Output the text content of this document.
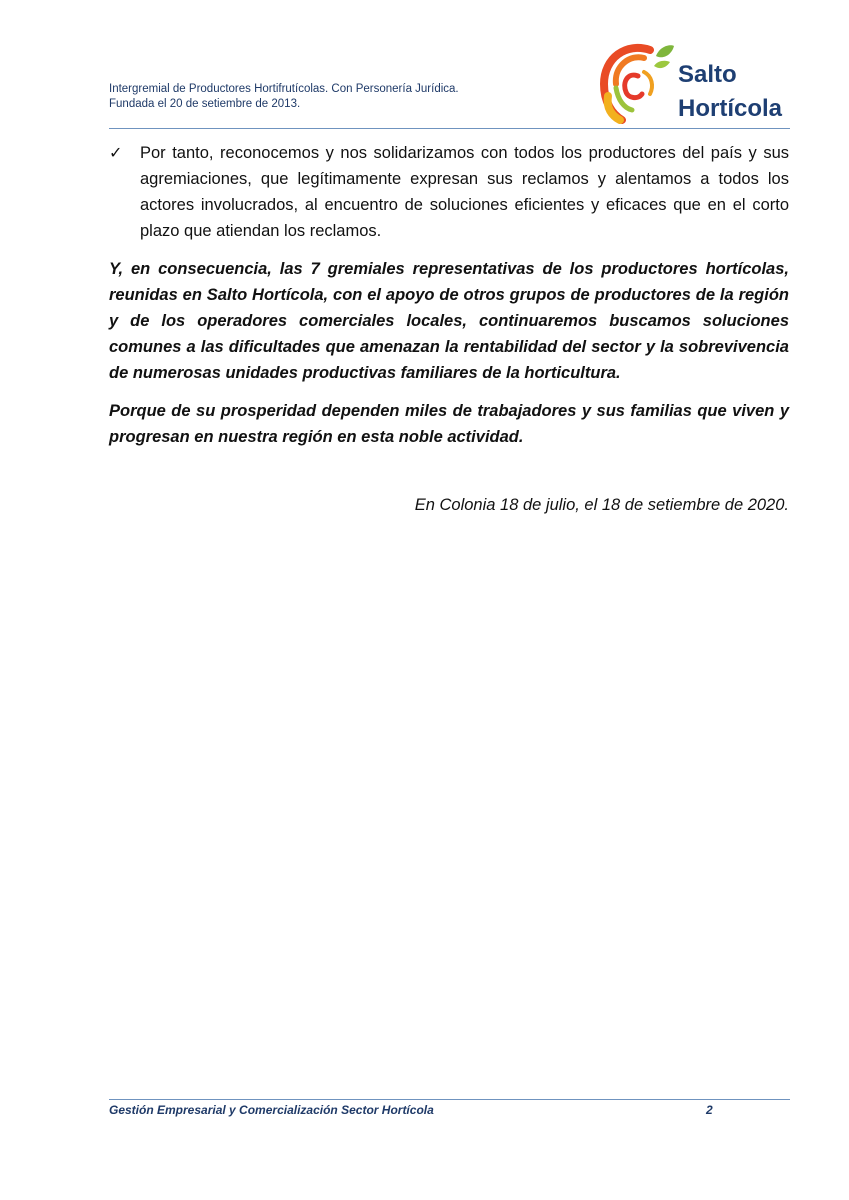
Intergremial de Productores Hortifrutícolas. Con Personería Jurídica.
Fundada el 20 de setiembre de 2013.
Salto
Hortícola
✓ Por tanto, reconocemos y nos solidarizamos con todos los productores del país y sus agremiaciones, que legítimamente expresan sus reclamos y alentamos a todos los actores involucrados, al encuentro de soluciones eficientes y eficaces que en el corto plazo que atiendan los reclamos.
Y, en consecuencia, las 7 gremiales representativas de los productores hortícolas, reunidas en Salto Hortícola, con el apoyo de otros grupos de productores de la región y de los operadores comerciales locales, continuaremos buscamos soluciones comunes a las dificultades que amenazan la rentabilidad del sector y la sobrevivencia de numerosas unidades productivas familiares de la horticultura.
Porque de su prosperidad dependen miles de trabajadores y sus familias que viven y progresan en nuestra región en esta noble actividad.
En Colonia 18 de julio, el 18 de setiembre de 2020.
Gestión Empresarial y Comercialización Sector Hortícola	2
